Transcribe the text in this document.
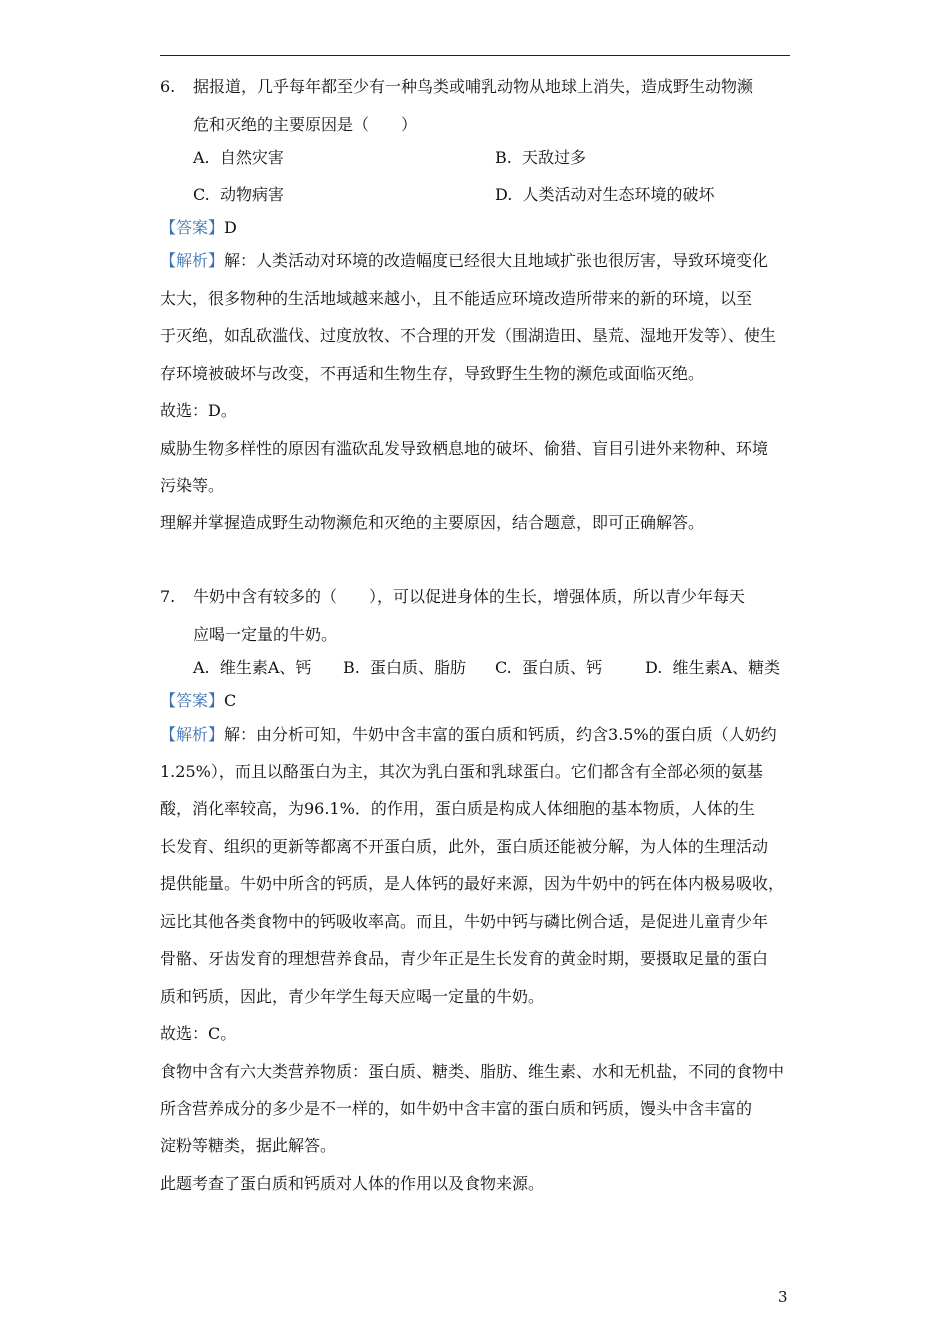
6. 据报道，几乎每年都至少有一种鸟类或哺乳动物从地球上消失，造成野生动物濒
危和灭绝的主要原因是（　　）
A. 自然灾害	B. 天敌过多
C. 动物病害	D. 人类活动对生态环境的破坏
【答案】D
【解析】解：人类活动对环境的改造幅度已经很大且地域扩张也很厉害，导致环境变化
太大，很多物种的生活地域越来越小，且不能适应环境改造所带来的新的环境，以至
于灭绝，如乱砍滥伐、过度放牧、不合理的开发（围湖造田、垦荒、湿地开发等）、使生
存环境被破坏与改变，不再适和生物生存，导致野生生物的濒危或面临灭绝。
故选：D。
威胁生物多样性的原因有滥砍乱发导致栖息地的破坏、偷猎、盲目引进外来物种、环境
污染等。
理解并掌握造成野生动物濒危和灭绝的主要原因，结合题意，即可正确解答。
7. 牛奶中含有较多的（　　），可以促进身体的生长，增强体质，所以青少年每天
应喝一定量的牛奶。
A. 维生素A、钙 B. 蛋白质、脂肪 C. 蛋白质、钙	D. 维生素A、糖类
【答案】C
【解析】解：由分析可知，牛奶中含丰富的蛋白质和钙质，约含3.5%的蛋白质（人奶约
1.25%），而且以酪蛋白为主，其次为乳白蛋和乳球蛋白。它们都含有全部必须的氨基
酸，消化率较高，为96.1%．的作用，蛋白质是构成人体细胞的基本物质，人体的生
长发育、组织的更新等都离不开蛋白质，此外，蛋白质还能被分解，为人体的生理活动
提供能量。牛奶中所含的钙质，是人体钙的最好来源，因为牛奶中的钙在体内极易吸收，
远比其他各类食物中的钙吸收率高。而且，牛奶中钙与磷比例合适，是促进儿童青少年
骨骼、牙齿发育的理想营养食品，青少年正是生长发育的黄金时期，要摄取足量的蛋白
质和钙质，因此，青少年学生每天应喝一定量的牛奶。
故选：C。
食物中含有六大类营养物质：蛋白质、糖类、脂肪、维生素、水和无机盐，不同的食物中
所含营养成分的多少是不一样的，如牛奶中含丰富的蛋白质和钙质，馒头中含丰富的
淀粉等糖类，据此解答。
此题考查了蛋白质和钙质对人体的作用以及食物来源。
3
